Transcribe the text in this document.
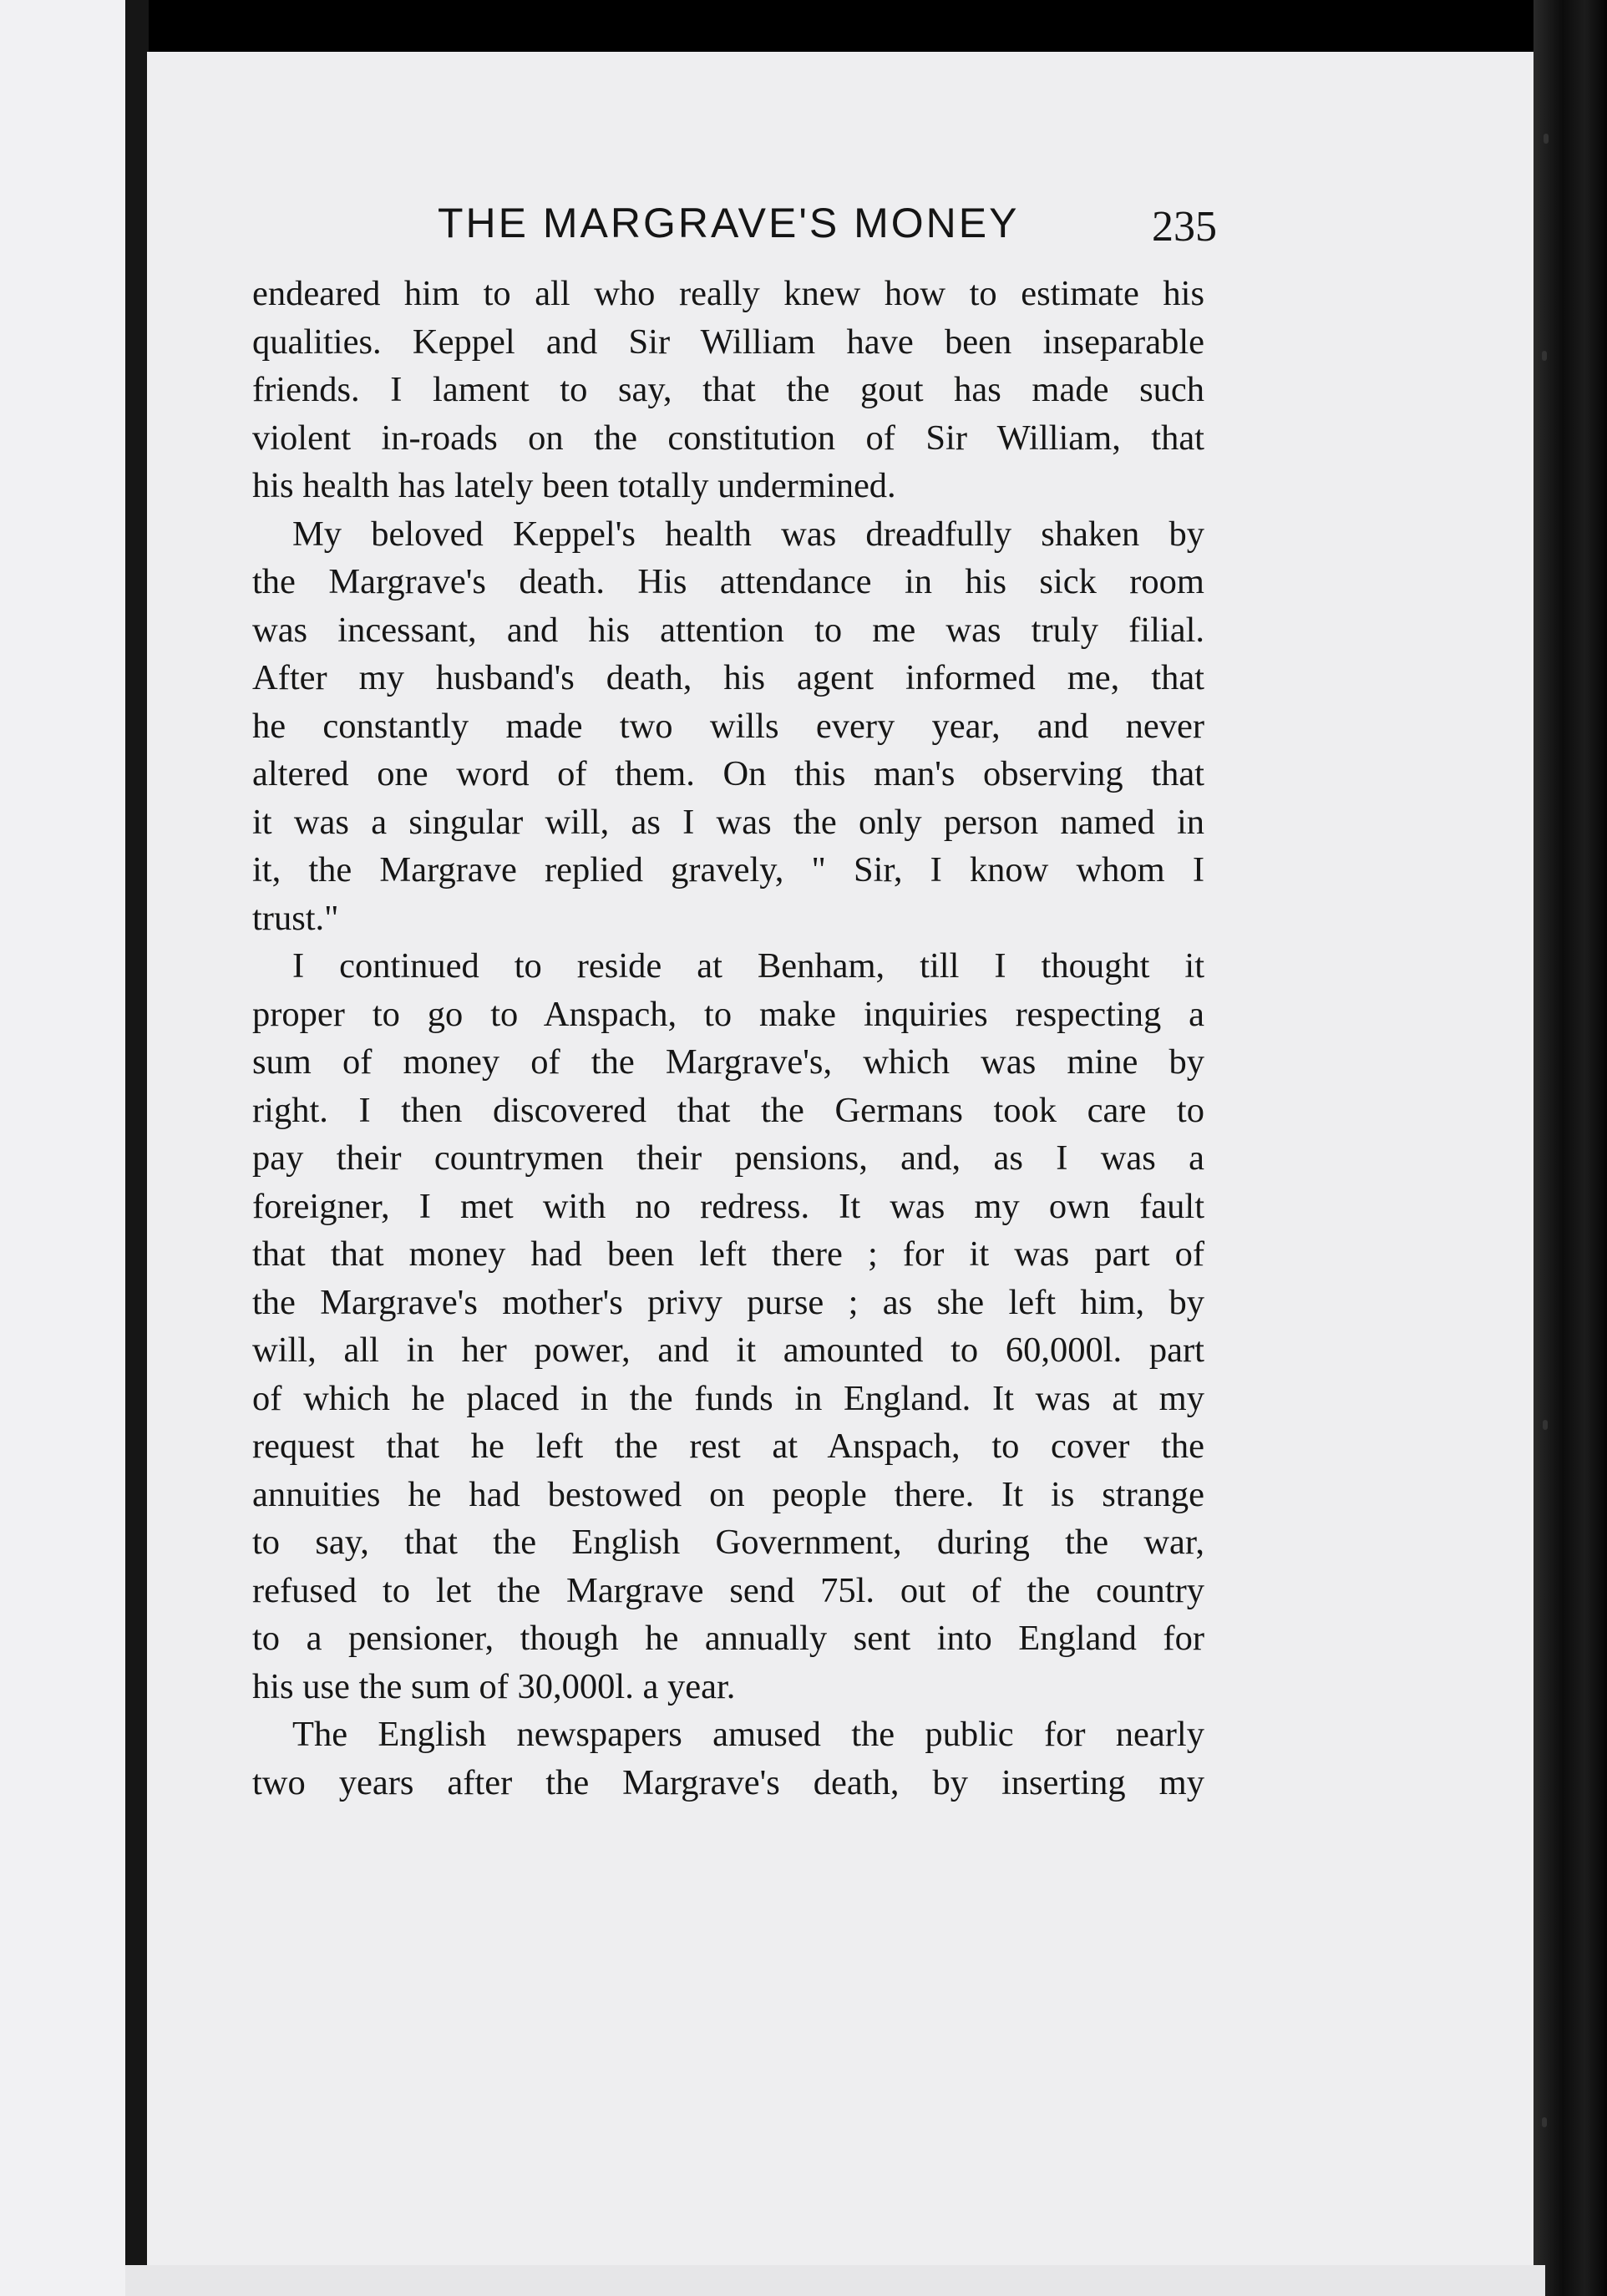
THE MARGRAVE'S MONEY	235
endeared him to all who really knew how to estimate his
qualities. Keppel and Sir William have been inseparable
friends. I lament to say, that the gout has made such
violent in-roads on the constitution of Sir William, that
his health has lately been totally undermined.
My beloved Keppel's health was dreadfully shaken by
the Margrave's death. His attendance in his sick room
was incessant, and his attention to me was truly filial.
After my husband's death, his agent informed me, that
he constantly made two wills every year, and never
altered one word of them. On this man's observing that
it was a singular will, as I was the only person named in
it, the Margrave replied gravely, " Sir, I know whom I
trust."
I continued to reside at Benham, till I thought it
proper to go to Anspach, to make inquiries respecting a
sum of money of the Margrave's, which was mine by
right. I then discovered that the Germans took care to
pay their countrymen their pensions, and, as I was a
foreigner, I met with no redress. It was my own fault
that that money had been left there ; for it was part of
the Margrave's mother's privy purse ; as she left him, by
will, all in her power, and it amounted to 60,000l. part
of which he placed in the funds in England. It was at my
request that he left the rest at Anspach, to cover the
annuities he had bestowed on people there. It is strange
to say, that the English Government, during the war,
refused to let the Margrave send 75l. out of the country
to a pensioner, though he annually sent into England for
his use the sum of 30,000l. a year.
The English newspapers amused the public for nearly
two years after the Margrave's death, by inserting my
